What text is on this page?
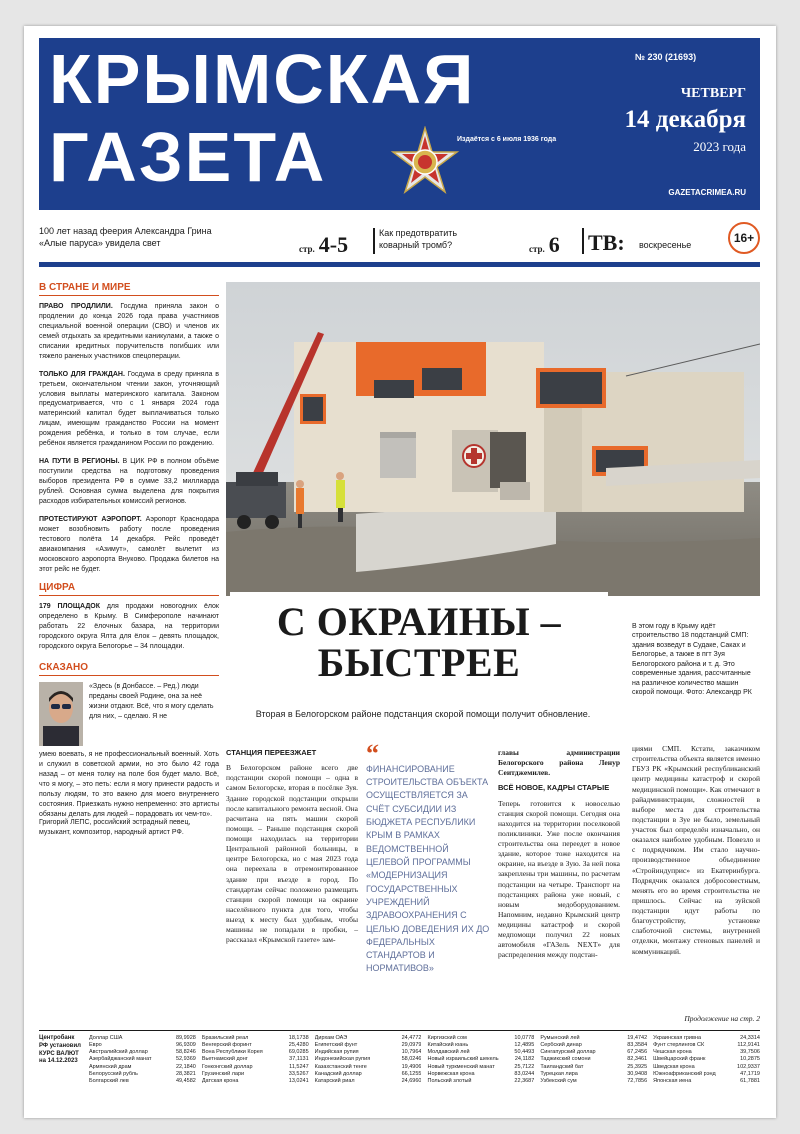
КРЫМСКАЯ
ГАЗЕТА	Издаётся с 6 июля 1936 года
№ 230 (21693)
ЧЕТВЕРГ
14 декабря
2023 года
GAZETACRIMEA.RU
100 лет назад феерия Александра Грина «Алые паруса» увидела свет
стр. 4-5	Как предотвратить коварный тромб?	стр. 6 ТВ: воскресенье	16+
В СТРАНЕ И МИРЕ
ПРАВО ПРОДЛИЛИ. Госдума приняла закон о продлении до конца 2026 года права участников специальной военной операции (СВО) и членов их семей отдыхать за кредитными каникулами, а также о списании кредитных поручительств погибших или тяжело раненых участников спецоперации.
ТОЛЬКО ДЛЯ ГРАЖДАН. Госдума в среду приняла в третьем, окончательном чтении закон, уточняющий условия выплаты материнского капитала. Законом предусматривается, что с 1 января 2024 года материнский капитал будет выплачиваться только лицам, имеющим гражданство России на момент рождения ребёнка, и только в том случае, если ребёнок является гражданином России по рождению.
НА ПУТИ В РЕГИОНЫ. В ЦИК РФ в полном объёме поступили средства на подготовку проведения выборов президента РФ в сумме 33,2 миллиарда рублей. Основная сумма выделена для покрытия расходов избирательных комиссий регионов.
ПРОТЕСТИРУЮТ АЭРОПОРТ. Аэропорт Краснодара может возобновить работу после проведения тестового полёта 14 декабря. Рейс проведёт авиакомпания «Азимут», самолёт вылетит из московского аэропорта Внуково. Продажа билетов на этот рейс не будет.
ЦИФРА
179 ПЛОЩАДОК для продажи новогодних ёлок определено в Крыму. В Симферополе начинают работать 22 ёлочных базара, на территории городского округа Ялта для ёлок – девять площадок, городского округа Белогорье – 34 площадки.
СКАЗАНО
«Здесь (в Донбассе. – Ред.) люди преданы своей Родине, она за неё жизни отдают. Всё, что я могу сделать для них, – сделаю. Я не
умею воевать, я не профессиональный военный. Хоть и служил в советской армии, но это было 42 года назад – от меня толку на поле боя будет мало. Всё, что я могу, – это петь: если я могу принести радость и пользу людям, то это важно для моего внутреннего состояния. Приезжать нужно непременно: это артисты обязаны делать для людей – порадовать их чем-то».
Григорий ЛЕПС, российский эстрадный певец, музыкант, композитор, народный артист РФ.
В этом году в Крыму идёт строительство 18 подстанций СМП: здания возведут в Судаке, Саках и Белогорье, а также в пгт Зуя Белогорского района и т. д. Это современные здания, рассчитанные на различное количество машин скорой помощи. Фото: Александр РК
С ОКРАИНЫ –
БЫСТРЕЕ
Вторая в Белогорском районе подстанция скорой помощи получит обновление.
СТАНЦИЯ ПЕРЕЕЗЖАЕТ
В Белогорском районе всего две подстанции скорой помощи – одна в самом Белогорске, вторая в посёлке Зуя. Здание городской подстанции открыли после капитального ремонта весной. Она расчитана на пять машин скорой помощи. – Раньше подстанция скорой помощи находилась на территории Центральной районной больницы, в центре Белогорска, но с мая 2023 года она переехала в отремонтированное здание при въезде в город. По стандартам сейчас положено размещать станции скорой помощи на окраине населённого пункта для того, чтобы выезд к месту был удобным, чтобы машины не попадали в пробки, – рассказал «Крымской газете» зам-
“
ФИНАНСИРОВАНИЕ СТРОИТЕЛЬСТВА ОБЪЕКТА ОСУЩЕСТВЛЯЕТСЯ ЗА СЧЁТ СУБСИДИИ ИЗ БЮДЖЕТА РЕСПУБЛИКИ КРЫМ В РАМКАХ ВЕДОМСТВЕННОЙ ЦЕЛЕВОЙ ПРОГРАММЫ «МОДЕРНИЗАЦИЯ ГОСУДАРСТВЕННЫХ УЧРЕЖДЕНИЙ ЗДРАВООХРАНЕНИЯ С ЦЕЛЬЮ ДОВЕДЕНИЯ ИХ ДО ФЕДЕРАЛЬНЫХ СТАНДАРТОВ И НОРМАТИВОВ»
главы администрации Белогорского района Ленур Сеитджемилев.
ВСЁ НОВОЕ, КАДРЫ СТАРЫЕ
Теперь готовится к новоселью станция скорой помощи. Сегодня она находится на территории поселковой поликлиники. Уже после окончания строительства она переедет в новое здание, которое тоже находится на окраине, на въезде в Зую. За ней пока закреплены три машины, по расчетам подстанции на четыре. Транспорт на подстанциях района уже новый, с новым медоборудованием. Напомним, недавно Крымский центр медицины катастроф и скорой медпомощи получил 22 новых автомобиля «ГАЗель NEXT» для распределения между подстан-
циями СМП. Кстати, заказчиком строительства объекта является именно ГБУЗ РК «Крымский республиканский центр медицины катастроф и скорой медицинской помощи». Как отмечают в райадминистрации, сложностей в выборе места для строительства подстанции в Зуе не было, земельный участок был определён изначально, он оказался наиболее удобным. Повезло и с подрядчиком. Им стало научно-производственное объединение «Стройиндуприс» из Екатеринбурга. Подрядчик оказался добросовестным, менять его во время строительства не пришлось. Сейчас на зуйской подстанции идут работы по благоустройству, установке слаботочной системы, внутренней отделки, монтажу стеновых панелей и коммуникаций.
Продолжение на стр. 2
Центробанк РФ установил КУРС ВАЛЮТ на 14.12.2023
Доллар США	89,9928
Евро	96,9309
Австралийский доллар	58,8246
Азербайджанский манат	52,9369
Армянский драм	22,1840
Белорусский рубль	28,3821
Болгарский лев	49,4582
Бразильский реал	18,1738
Венгерский форинт	25,4280
Вона Республики Корея	69,0285
Вьетнамский донг	37,1131
Гонконгский доллар	11,5247
Грузинский лари	33,5267
Датская крона	13,0241
Дирхам ОАЭ	24,4772
Египетский фунт	29,0979
Индийская рупия	10,7964
Индонезийская рупия	58,0246
Казахстанский тенге	19,4906
Канадский доллар	66,1255
Катарский риал	24,6960
Киргизский сом	10,0778
Китайский юань	12,4895
Молдавский лей	50,4493
Новый израильский шекель	24,1182
Новый туркменский манат	25,7122
Норвежская крона	83,0244
Польский злотый	22,3687
Румынский лей	19,4742
Сербский динар	83,3584
Сингапурский доллар	67,2456
Таджикский сомони	82,3461
Таиландский бат	25,3925
Турецкая лира	30,9408
Узбекский сум	72,7856
Украинская гривна	24,3314
Фунт стерлингов СК	112,9141
Чешская крона	39,7506
Швейцарский франк	10,2875
Шведская крона	102,9337
Южноафриканский рэнд	47,1719
Японская иена	61,7881
